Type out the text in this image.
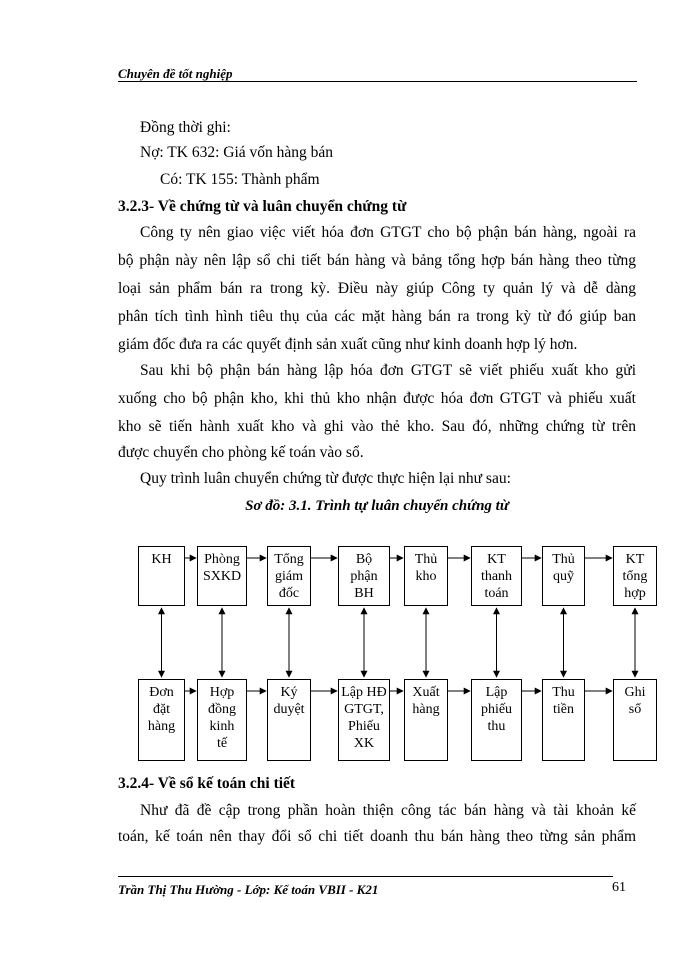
Chuyên đề tốt nghiệp
Đồng thời ghi:
Nợ: TK 632: Giá vốn hàng bán
Có: TK 155: Thành phẩm
3.2.3- Về chứng từ và luân chuyển chứng từ
Công ty nên giao việc viết hóa đơn GTGT cho bộ phận bán hàng, ngoài ra
bộ phận này nên lập sổ chi tiết bán hàng và bảng tổng hợp bán hàng theo từng
loại sản phẩm bán ra trong kỳ. Điều này giúp Công ty quản lý và dễ dàng
phân tích tình hình tiêu thụ của các mặt hàng bán ra trong kỳ từ đó giúp ban
giám đốc đưa ra các quyết định sản xuất cũng như kinh doanh hợp lý hơn.
Sau khi bộ phận bán hàng lập hóa đơn GTGT sẽ viết phiếu xuất kho gửi
xuống cho bộ phận kho, khi thủ kho nhận được hóa đơn GTGT và phiếu xuất
kho sẽ tiến hành xuất kho và ghi vào thẻ kho. Sau đó, những chứng từ trên
được chuyển cho phòng kế toán vào sổ.
Quy trình luân chuyển chứng từ được thực hiện lại như sau:
Sơ đồ: 3.1. Trình tự luân chuyển chứng từ
KH	Phòng
SXKD
Tổng
giám
đốc
Bộ
phận
BH
Thủ
kho
KT
thanh
toán
Thủ
quỹ
KT
tổng
hợp
Đơn
đặt
hàng
Hợp
đồng
kinh
tế
Ký
duyệt
Lập HĐ
GTGT,
Phiếu
XK
Xuất
hàng
Lập
phiếu
thu
Thu
tiền
Ghi
sổ
3.2.4- Về sổ kế toán chi tiết
Như đã đề cập trong phần hoàn thiện công tác bán hàng và tài khoản kế
toán, kế toán nên thay đổi sổ chi tiết doanh thu bán hàng theo từng sản phẩm
Trần Thị Thu Hường - Lớp: Kế toán VBII - K21	61
